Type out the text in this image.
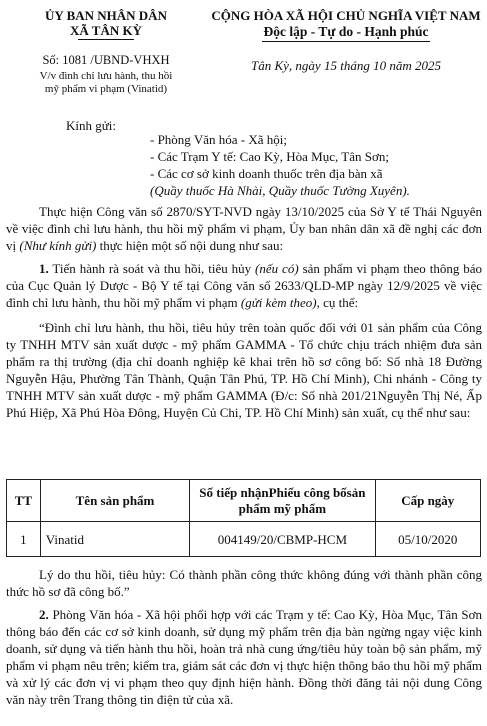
ỦY BAN NHÂN DÂN
XÃ TÂN KỲ
Số: 1081 /UBND-VHXH
V/v đình chỉ lưu hành, thu hồi
mỹ phẩm vi phạm (Vinatid)
CỘNG HÒA XÃ HỘI CHỦ NGHĨA VIỆT NAM
Độc lập - Tự do - Hạnh phúc
Tân Kỳ, ngày 15 tháng 10 năm 2025
Kính gửi:
- Phòng Văn hóa - Xã hội;
- Các Trạm Y tế: Cao Kỳ, Hòa Mục, Tân Sơn;
- Các cơ sở kinh doanh thuốc trên địa bàn xã
(Quầy thuốc Hà Nhài, Quầy thuốc Tường Xuyên).
Thực hiện Công văn số 2870/SYT-NVD ngày 13/10/2025 của Sở Y tế Thái Nguyên về việc đình chỉ lưu hành, thu hồi mỹ phẩm vi phạm, Ủy ban nhân dân xã đề nghị các đơn vị (Như kính gửi) thực hiện một số nội dung như sau:
1. Tiến hành rà soát và thu hồi, tiêu hủy (nếu có) sản phẩm vi phạm theo thông báo của Cục Quản lý Dược - Bộ Y tế tại Công văn số 2633/QLD-MP ngày 12/9/2025 về việc đình chỉ lưu hành, thu hồi mỹ phẩm vi phạm (gửi kèm theo), cụ thể:
“Đình chỉ lưu hành, thu hồi, tiêu hủy trên toàn quốc đối với 01 sản phẩm của Công ty TNHH MTV sản xuất dược - mỹ phẩm GAMMA - Tổ chức chịu trách nhiệm đưa sản phẩm ra thị trường (địa chỉ doanh nghiệp kê khai trên hồ sơ công bố: Số nhà 18 Đường Nguyễn Hậu, Phường Tân Thành, Quận Tân Phú, TP. Hồ Chí Minh), Chi nhánh - Công ty TNHH MTV sản xuất dược - mỹ phẩm GAMMA (Đ/c: Số nhà 201/21Nguyễn Thị Né, Ấp Phú Hiệp, Xã Phú Hòa Đông, Huyện Củ Chi, TP. Hồ Chí Minh) sản xuất, cụ thể như sau:
TT	Tên sản phẩm	Số tiếp nhậnPhiếu công bốsản phẩm mỹ phẩm	Cấp ngày
1	Vinatid	004149/20/CBMP-HCM	05/10/2020
Lý do thu hồi, tiêu hủy: Có thành phần công thức không đúng với thành phần công thức hồ sơ đã công bố.”
2. Phòng Văn hóa - Xã hội phối hợp với các Trạm y tế: Cao Kỳ, Hòa Mục, Tân Sơn thông báo đến các cơ sở kinh doanh, sử dụng mỹ phẩm trên địa bàn ngừng ngay việc kinh doanh, sử dụng và tiến hành thu hồi, hoàn trả nhà cung ứng/tiêu hủy toàn bộ sản phẩm, mỹ phẩm vi phạm nêu trên; kiểm tra, giám sát các đơn vị thực hiện thông báo thu hồi mỹ phẩm và xử lý các đơn vị vi phạm theo quy định hiện hành. Đồng thời đăng tải nội dung Công văn này trên Trang thông tin điện tử của xã.
